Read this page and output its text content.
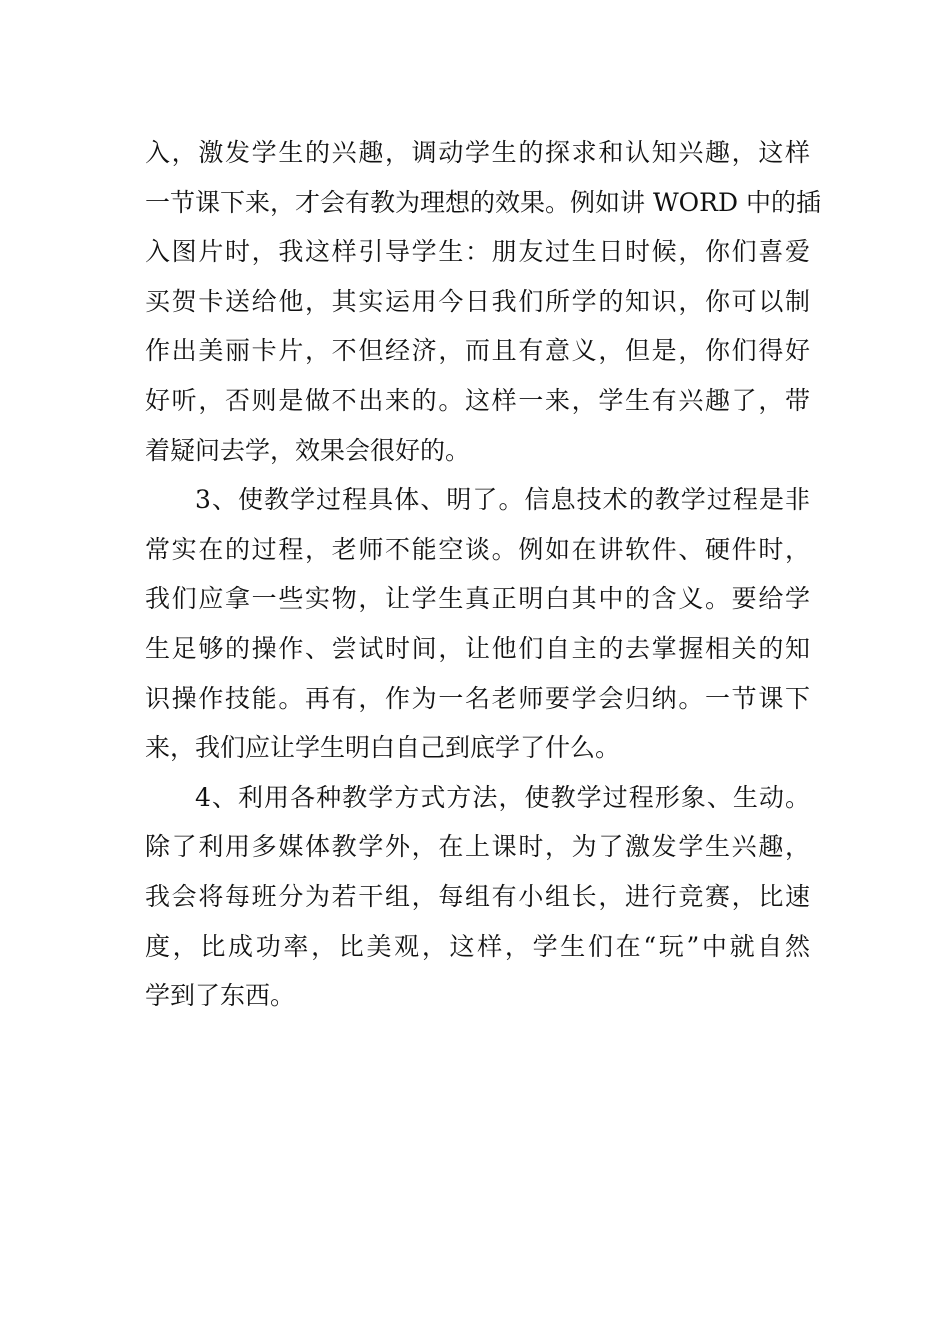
入，激发学生的兴趣，调动学生的探求和认知兴趣，这样
一节课下来，才会有教为理想的效果。例如讲 WORD 中的插
入图片时，我这样引导学生：朋友过生日时候，你们喜爱
买贺卡送给他，其实运用今日我们所学的知识，你可以制
作出美丽卡片，不但经济，而且有意义，但是，你们得好
好听，否则是做不出来的。这样一来，学生有兴趣了，带
着疑问去学，效果会很好的。
3、使教学过程具体、明了。信息技术的教学过程是非
常实在的过程，老师不能空谈。例如在讲软件、硬件时，
我们应拿一些实物，让学生真正明白其中的含义。要给学
生足够的操作、尝试时间，让他们自主的去掌握相关的知
识操作技能。再有，作为一名老师要学会归纳。一节课下
来，我们应让学生明白自己到底学了什么。
4、利用各种教学方式方法，使教学过程形象、生动。
除了利用多媒体教学外，在上课时，为了激发学生兴趣，
我会将每班分为若干组，每组有小组长，进行竞赛，比速
度，比成功率，比美观，这样，学生们在“玩”中就自然
学到了东西。
